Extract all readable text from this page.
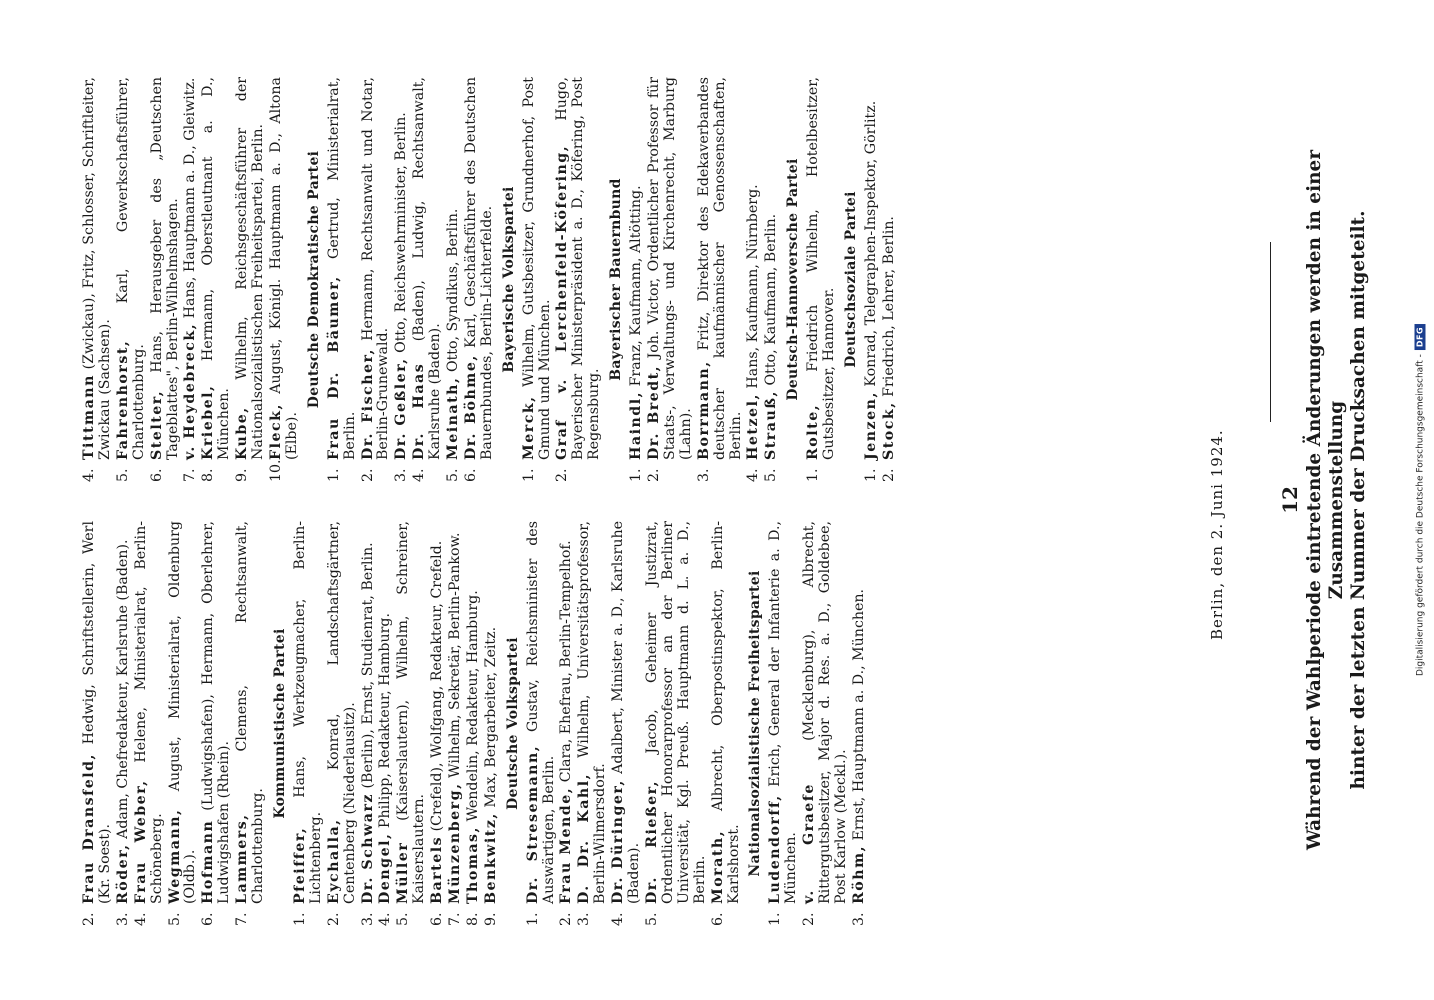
12
2.
Frau Dransfeld, Hedwig, Schriftstellerin, Werl (Kr. Soest).
3.
Röder, Adam, Chefredakteur, Karlsruhe (Baden).
4.
Frau Weber, Helene, Ministerialrat, Berlin-Schöneberg.
5.
Wegmann, August, Ministerialrat, Oldenburg (Oldb.).
6.
Hofmann (Ludwigshafen), Hermann, Oberlehrer, Ludwigshafen (Rhein).
7.
Lammers, Clemens, Rechtsanwalt, Charlottenburg.
Kommunistische Partei
1.
Pfeiffer, Hans, Werkzeugmacher, Berlin-Lichtenberg.
2.
Eychalla, Konrad, Landschaftsgärtner, Centenberg (Niederlausitz).
3.
Dr. Schwarz (Berlin), Ernst, Studienrat, Berlin.
4.
Dengel, Philipp, Redakteur, Hamburg.
5.
Müller (Kaiserslautern), Wilhelm, Schreiner, Kaiserslautern.
6.
Bartels (Crefeld), Wolfgang, Redakteur, Crefeld.
7.
Münzenberg, Wilhelm, Sekretär, Berlin-Pankow.
8.
Thomas, Wendelin, Redakteur, Hamburg.
9.
Benkwitz, Max, Bergarbeiter, Zeitz. Deutsche Volkspartei
1.
Dr. Stresemann, Gustav, Reichsminister des Auswärtigen, Berlin.
2.
Frau Mende, Clara, Ehefrau, Berlin-Tempelhof.
3.
D. Dr. Kahl, Wilhelm, Universitätsprofessor, Berlin-Wilmersdorf.
4.
Dr. Düringer, Adalbert, Minister a. D., Karlsruhe (Baden).
5.
Dr. Rießer, Jacob, Geheimer Justizrat, Ordentlicher Honorarprofessor an der Berliner Universität, Kgl. Preuß. Hauptmann d. L. a. D., Berlin.
6.
Morath, Albrecht, Oberpostinspektor, Berlin-Karlshorst. Nationalsozialistische Freiheitspartei
1.
Ludendorff, Erich, General der Infanterie a. D., München.
2.
v. Graefe (Mecklenburg), Albrecht, Rittergutsbesitzer, Major d. Res. a. D., Goldebee, Post Karlow (Meckl.).
3.
Röhm, Ernst, Hauptmann a. D., München.
4.
Tittmann (Zwickau), Fritz, Schlosser, Schriftleiter, Zwickau (Sachsen).
5.
Fahrenhorst, Karl, Gewerkschaftsführer, Charlottenburg.
6.
Stelter, Hans, Herausgeber des „Deutschen Tageblattes", Berlin-Wilhelmshagen.
7.
v. Heydebreck, Hans, Hauptmann a. D., Gleiwitz.
8.
Kriebel, Hermann, Oberstleutnant a. D., München.
9.
Kube, Wilhelm, Reichsgeschäftsführer der Nationalsozialistischen Freiheitspartei, Berlin.
10.
Fleck, August, Königl. Hauptmann a. D., Altona (Elbe).
Deutsche Demokratische Partei
1.
Frau Dr. Bäumer, Gertrud, Ministerialrat, Berlin.
2.
Dr. Fischer, Hermann, Rechtsanwalt und Notar, Berlin-Grunewald.
3.
Dr. Geßler, Otto, Reichswehrminister, Berlin.
4.
Dr. Haas (Baden), Ludwig, Rechtsanwalt, Karlsruhe (Baden).
5.
Meinath, Otto, Syndikus, Berlin.
6.
Dr. Böhme, Karl, Geschäftsführer des Deutschen Bauernbundes, Berlin-Lichterfelde. Bayerische Volkspartei
1.
Merck, Wilhelm, Gutsbesitzer, Grundnerhof, Post Gmund und München.
2.
Graf v. Lerchenfeld-Köfering, Hugo, Bayerischer Ministerpräsident a. D., Köfering, Post Regensburg.
Bayerischer Bauernbund
1.
Haindl, Franz, Kaufmann, Altötting.
2.
Dr. Bredt, Joh. Victor, Ordentlicher Professor für Staats-, Verwaltungs- und Kirchenrecht, Marburg (Lahn).
3.
Borrmann, Fritz, Direktor des Edekaverbandes deutscher kaufmännischer Genossenschaften, Berlin.
4.
Hetzel, Hans, Kaufmann, Nürnberg.
5.
Strauß, Otto, Kaufmann, Berlin. Deutsch-Hannoversche Partei
1.
Rolte, Friedrich Wilhelm, Hotelbesitzer, Gutsbesitzer, Hannover.
Deutschsoziale Partei
1.
Jenzen, Konrad, Telegraphen-Inspektor, Görlitz.
2.
Stock, Friedrich, Lehrer, Berlin.
Berlin, den 2. Juni 1924.	Während der Wahlperiode eintretende Änderungen werden in einer Zusammenstellung hinter der letzten Nummer der Drucksachen mitgeteilt.	Digitalisierung gefördert durch die Deutsche Forschungsgemeinschaft -
DFG
